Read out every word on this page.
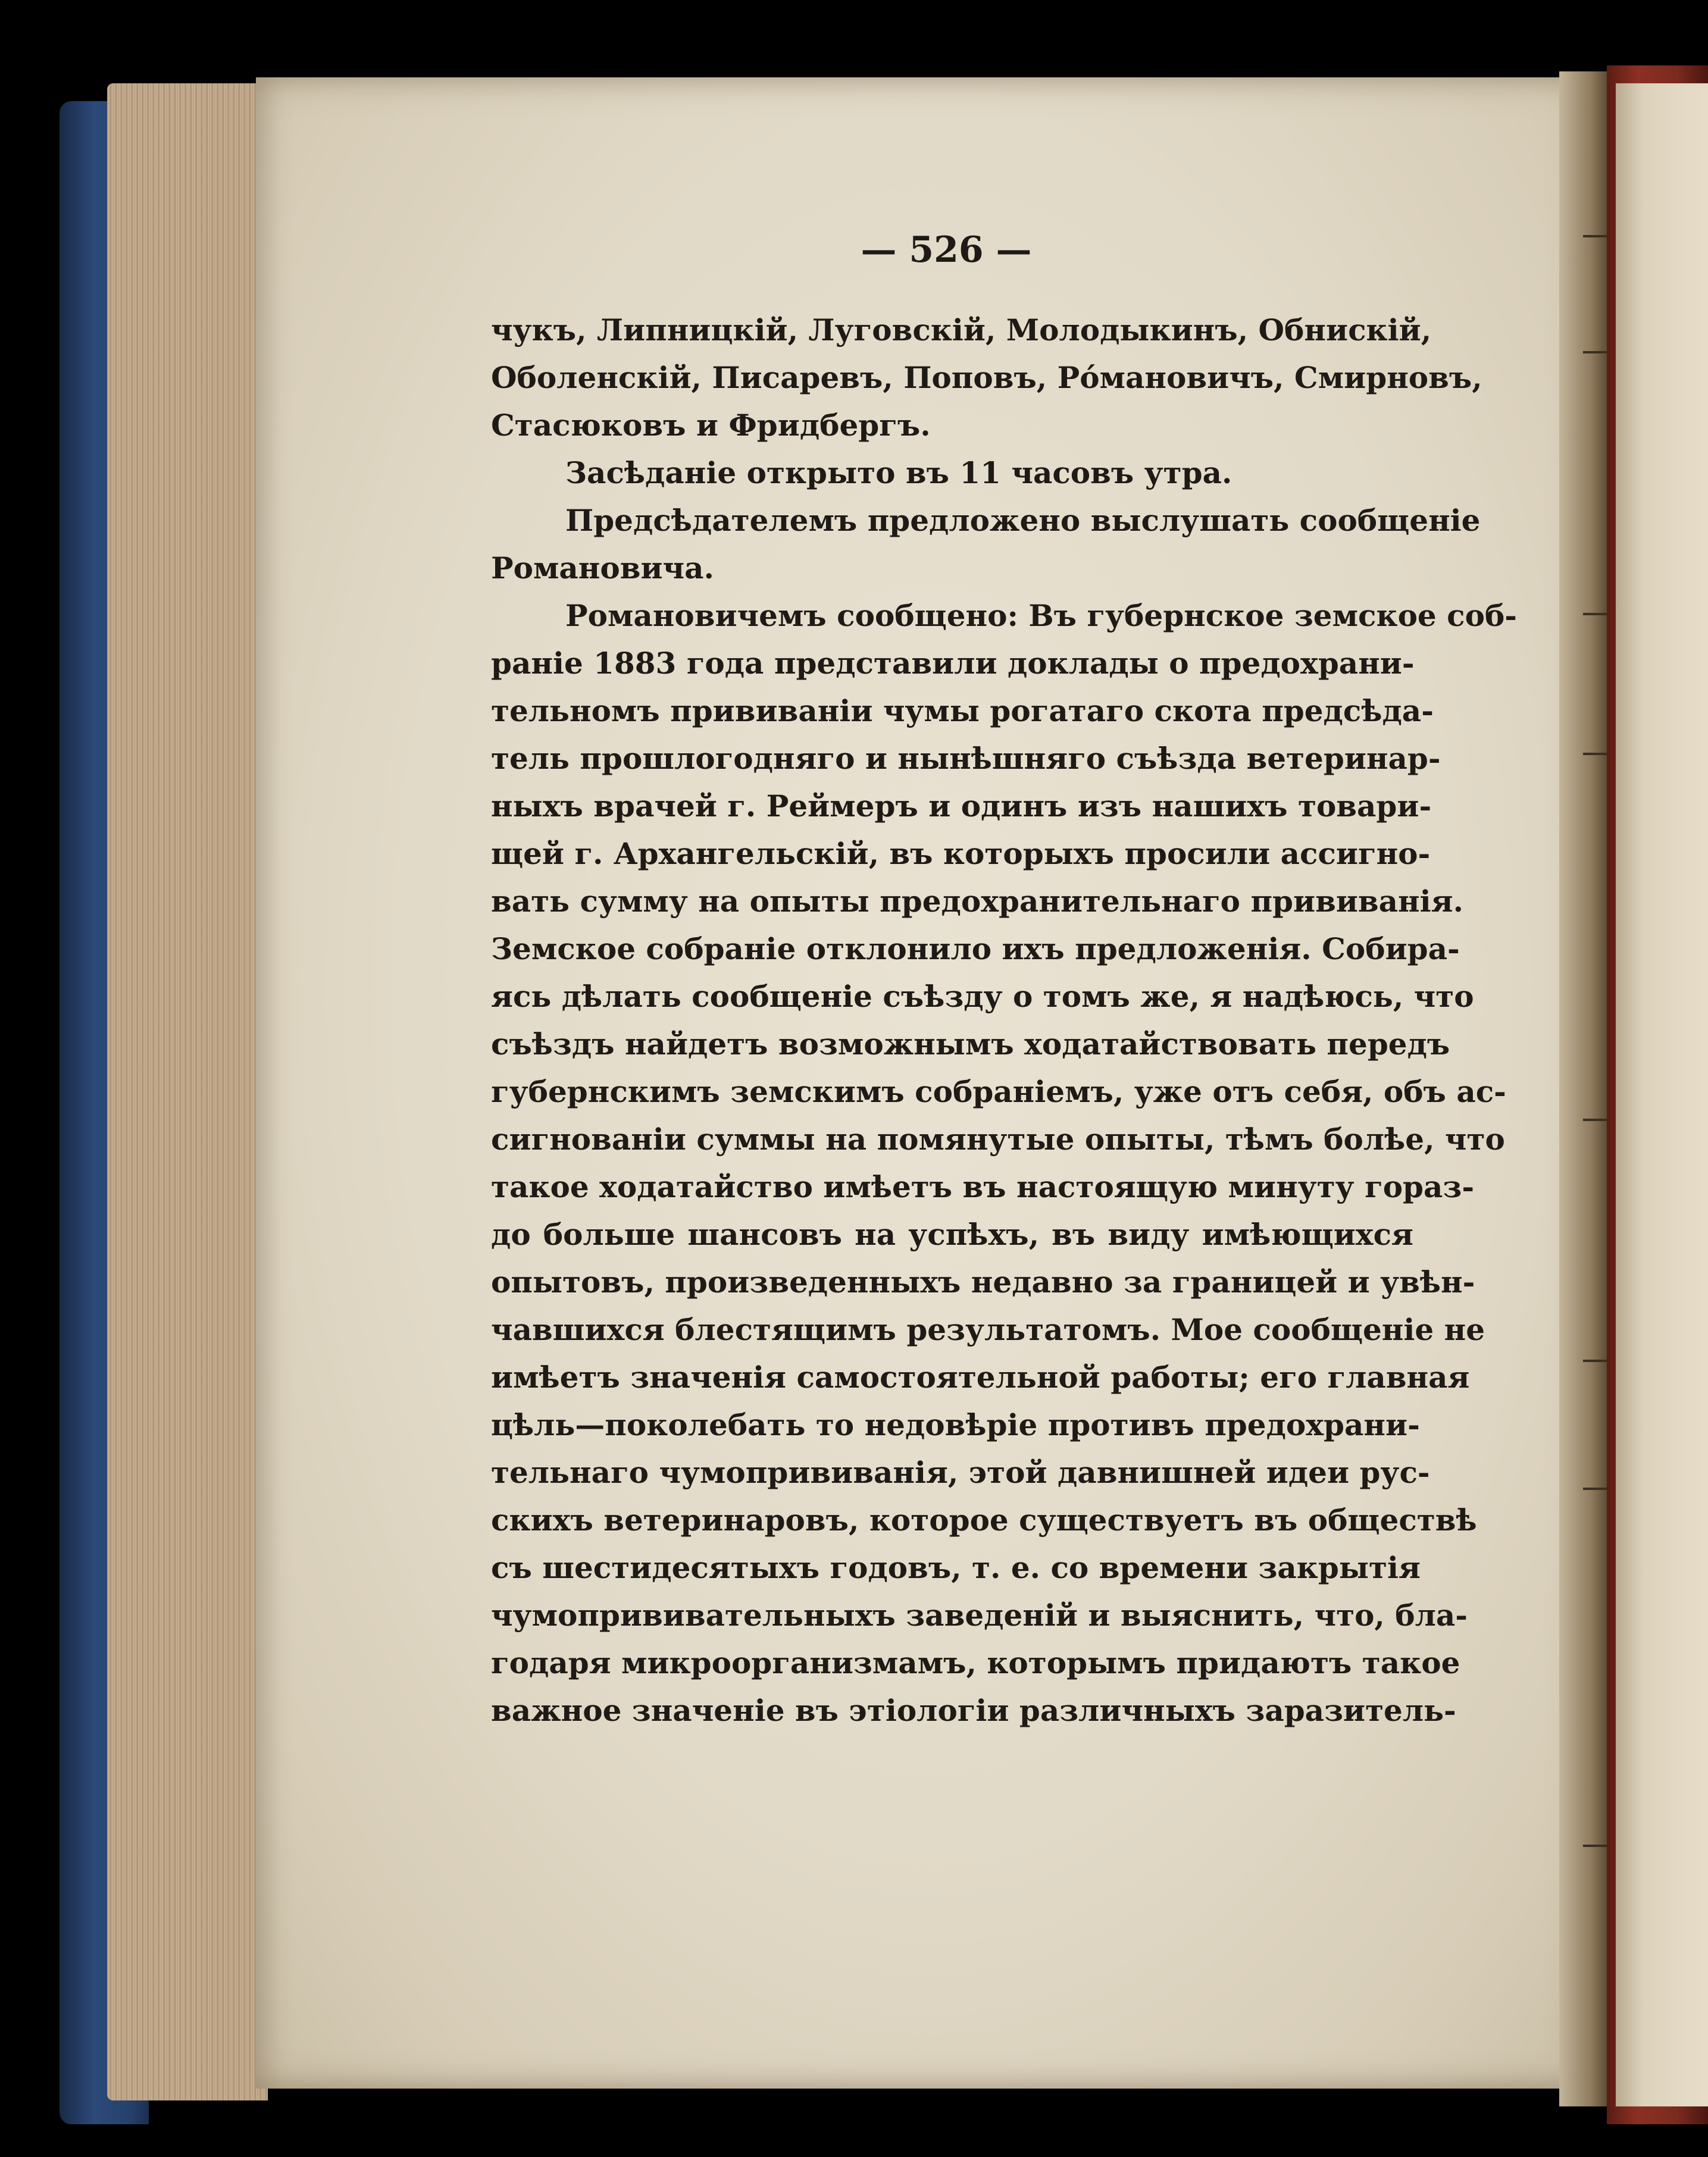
— 526 —
чукъ, Липницкій, Луговскій, Молодыкинъ, Обнискій,
Оболенскій, Писаревъ, Поповъ, Ро́мановичъ, Смирновъ,
Стасюковъ и Фридбергъ.
Засѣданіе открыто въ 11 часовъ утра.
Предсѣдателемъ предложено выслушать сообщеніе
Романовича.
Романовичемъ сообщено: Въ губернское земское соб-
раніе 1883 года представили доклады о предохрани-
тельномъ прививаніи чумы рогатаго скота предсѣда-
тель прошлогодняго и нынѣшняго съѣзда ветеринар-
ныхъ врачей г. Реймеръ и одинъ изъ нашихъ товари-
щей г. Архангельскій, въ которыхъ просили ассигно-
вать сумму на опыты предохранительнаго прививанія.
Земское собраніе отклонило ихъ предложенія. Собира-
ясь дѣлать сообщеніе съѣзду о томъ же, я надѣюсь, что
съѣздъ найдетъ возможнымъ ходатайствовать передъ
губернскимъ земскимъ собраніемъ, уже отъ себя, объ ас-
сигнованіи суммы на помянутые опыты, тѣмъ болѣе, что
такое ходатайство имѣетъ въ настоящую минуту гораз-
до больше шансовъ на успѣхъ, въ виду имѣющихся
опытовъ, произведенныхъ недавно за границей и увѣн-
чавшихся блестящимъ результатомъ. Мое сообщеніе не
имѣетъ значенія самостоятельной работы; его главная
цѣль—поколебать то недовѣріе противъ предохрани-
тельнаго чумопрививанія, этой давнишней идеи рус-
скихъ ветеринаровъ, которое существуетъ въ обществѣ
съ шестидесятыхъ годовъ, т. е. со времени закрытія
чумопрививательныхъ заведеній и выяснить, что, бла-
годаря микроорганизмамъ, которымъ придаютъ такое
важное значеніе въ этіологіи различныхъ заразитель-
